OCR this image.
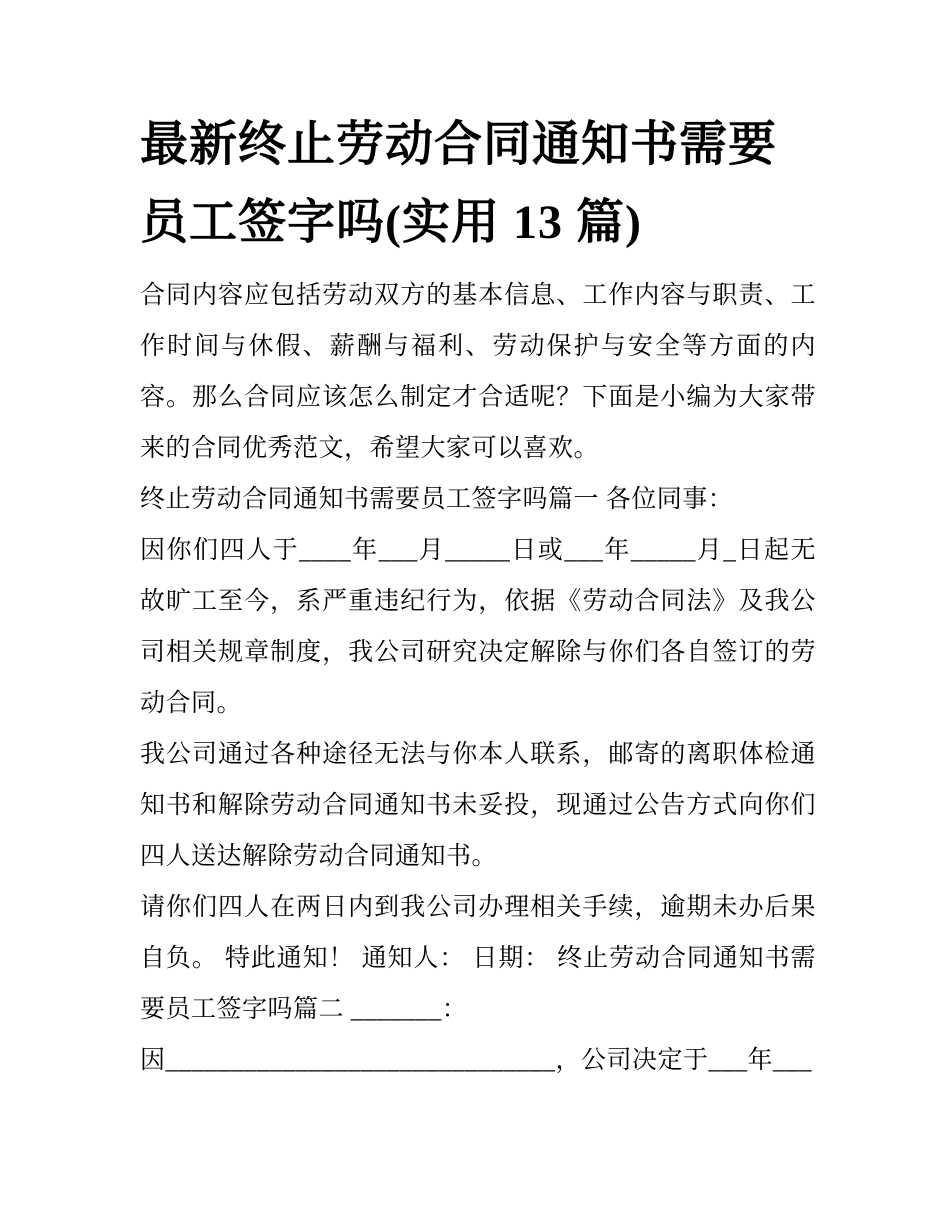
最新终止劳动合同通知书需要
员工签字吗(实用 13 篇)

合同内容应包括劳动双方的基本信息、工作内容与职责、工作时间与休假、薪酬与福利、劳动保护与安全等方面的内容。那么合同应该怎么制定才合适呢？下面是小编为大家带来的合同优秀范文，希望大家可以喜欢。

终止劳动合同通知书需要员工签字吗篇一 各位同事：

因你们四人于____年___月_____日或___年_____月_日起无故旷工至今，系严重违纪行为，依据《劳动合同法》及我公司相关规章制度，我公司研究决定解除与你们各自签订的劳动合同。

我公司通过各种途径无法与你本人联系，邮寄的离职体检通知书和解除劳动合同通知书未妥投，现通过公告方式向你们四人送达解除劳动合同通知书。

请你们四人在两日内到我公司办理相关手续，逾期未办后果自负。 特此通知！ 通知人： 日期： 终止劳动合同通知书需要员工签字吗篇二 _______：

因______________________________，公司决定于___年___
